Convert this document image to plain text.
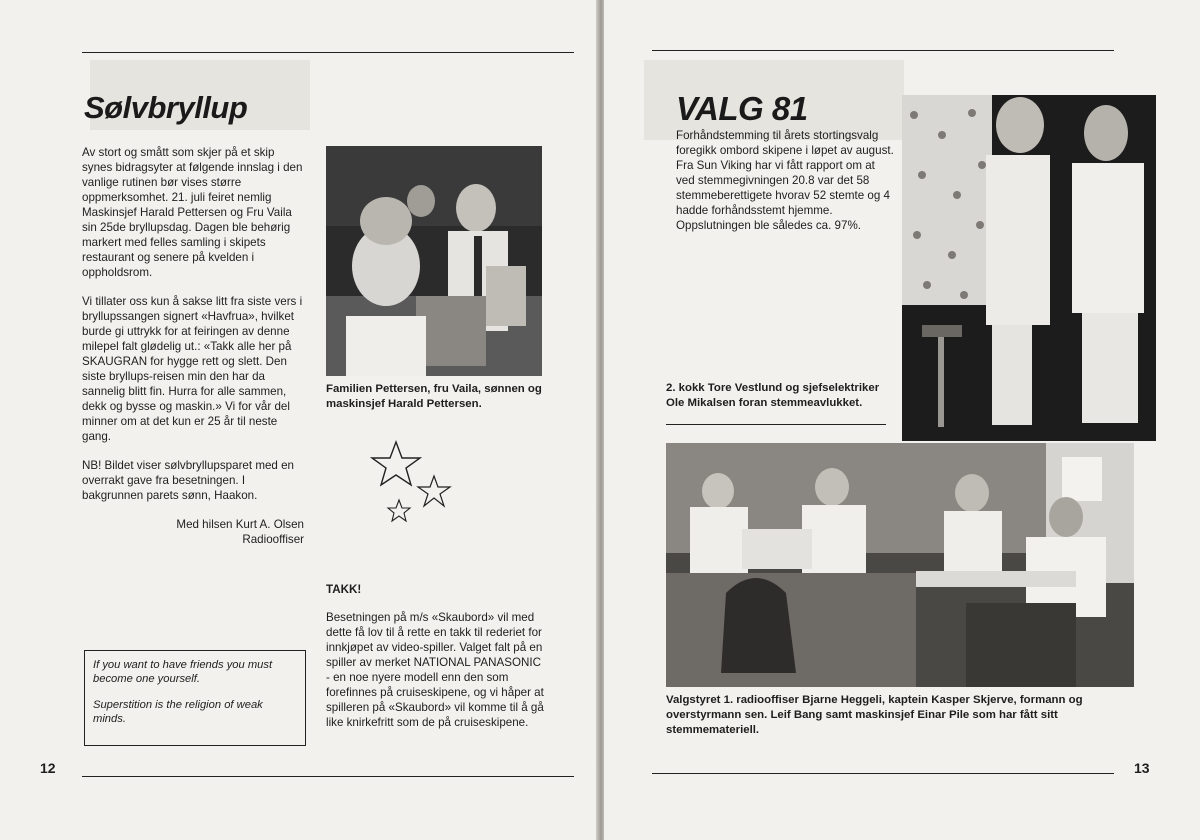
Sølvbryllup

Av stort og smått som skjer på et skip synes bidragsyter at følgende innslag i den vanlige rutinen bør vises større oppmerksomhet. 21. juli feiret nemlig Maskinsjef Harald Pettersen og Fru Vaila sin 25de bryllupsdag. Dagen ble behørig markert med felles samling i skipets restaurant og senere på kvelden i oppholdsrom.

Vi tillater oss kun å sakse litt fra siste vers i bryllupssangen signert «Havfrua», hvilket burde gi uttrykk for at feiringen av denne milepel falt glødelig ut.: «Takk alle her på SKAUGRAN for hygge rett og slett. Den siste bryllups-reisen min den har da sannelig blitt fin. Hurra for alle sammen, dekk og bysse og maskin.» Vi for vår del minner om at det kun er 25 år til neste gang.

NB! Bildet viser sølvbryllupsparet med en overrakt gave fra besetningen. I bakgrunnen parets sønn, Haakon.

Med hilsen Kurt A. Olsen
Radiooffiser

Familien Pettersen, fru Vaila, sønnen og maskinsjef Harald Pettersen.

TAKK!

Besetningen på m/s «Skaubord» vil med dette få lov til å rette en takk til rederiet for innkjøpet av video-spiller. Valget falt på en spiller av merket NATIONAL PANASONIC - en noe nyere modell enn den som forefinnes på cruiseskipene, og vi håper at spilleren på «Skaubord» vil komme til å gå like knirkefritt som de på cruiseskipene.

If you want to have friends you must become one yourself.

Superstition is the religion of weak minds.

12
VALG 81

Forhåndstemming til årets stortingsvalg foregikk ombord skipene i løpet av august. Fra Sun Viking har vi fått rapport om at ved stemmegivningen 20.8 var det 58 stemmeberettigete hvorav 52 stemte og 4 hadde forhåndsstemt hjemme. Oppslutningen ble således ca. 97%.

2. kokk Tore Vestlund og sjefselektriker Ole Mikalsen foran stemmeavlukket.

Valgstyret 1. radiooffiser Bjarne Heggeli, kaptein Kasper Skjerve, formann og overstyrmann sen. Leif Bang samt maskinsjef Einar Pile som har fått sitt stemmemateriell.

13
